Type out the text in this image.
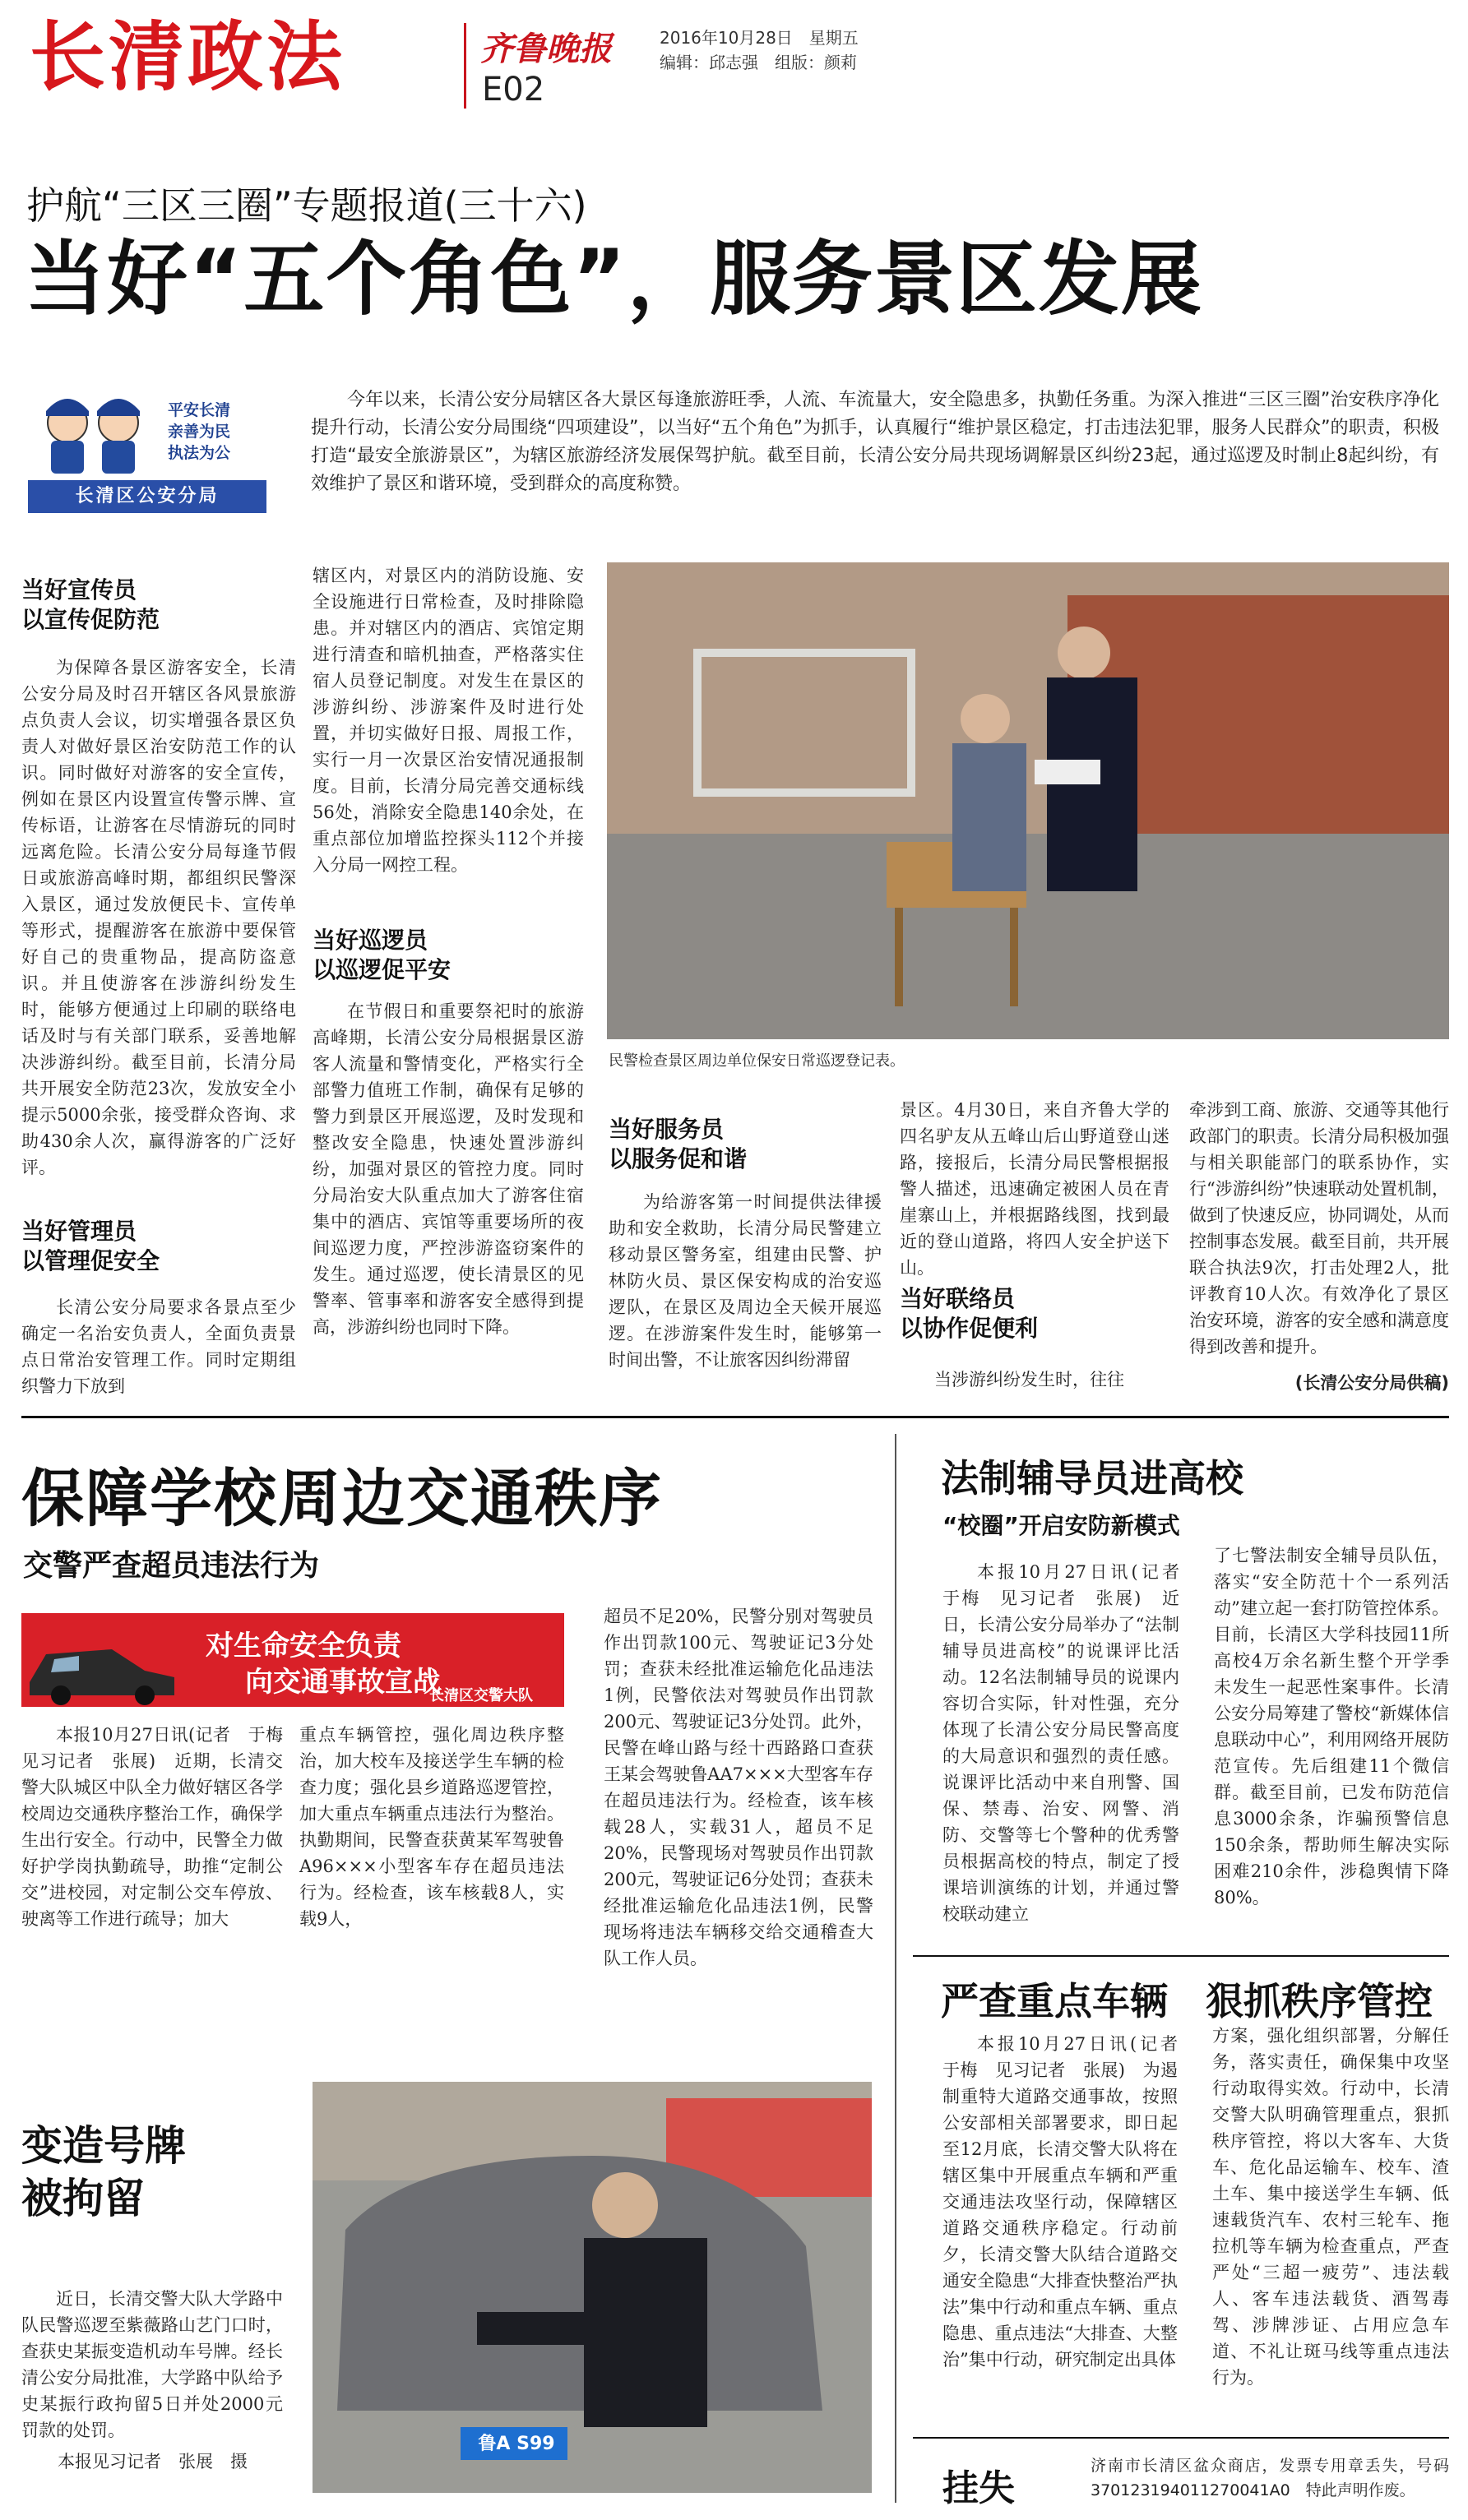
长清政法	齐鲁晚报	2016年10月28日　星期五
编辑：邱志强　组版：颜莉
E02
护航“三区三圈”专题报道(三十六)
当好“五个角色”，服务景区发展
平安长清
亲善为民
执法为公
长清区公安分局

今年以来，长清公安分局辖区各大景区每逢旅游旺季，人流、车流量大，安全隐患多，执勤任务重。为深入推进“三区三圈”治安秩序净化提升行动，长清公安分局围绕“四项建设”，以当好“五个角色”为抓手，认真履行“维护景区稳定，打击违法犯罪，服务人民群众”的职责，积极打造“最安全旅游景区”，为辖区旅游经济发展保驾护航。截至目前，长清公安分局共现场调解景区纠纷23起，通过巡逻及时制止8起纠纷，有效维护了景区和谐环境，受到群众的高度称赞。

当好宣传员
以宣传促防范

为保障各景区游客安全，长清公安分局及时召开辖区各风景旅游点负责人会议，切实增强各景区负责人对做好景区治安防范工作的认识。同时做好对游客的安全宣传，例如在景区内设置宣传警示牌、宣传标语，让游客在尽情游玩的同时远离危险。长清公安分局每逢节假日或旅游高峰时期，都组织民警深入景区，通过发放便民卡、宣传单等形式，提醒游客在旅游中要保管好自己的贵重物品，提高防盗意识。并且使游客在涉游纠纷发生时，能够方便通过上印刷的联络电话及时与有关部门联系，妥善地解决涉游纠纷。截至目前，长清分局共开展安全防范23次，发放安全小提示5000余张，接受群众咨询、求助430余人次，赢得游客的广泛好评。

当好管理员
以管理促安全

长清公安分局要求各景点至少确定一名治安负责人，全面负责景点日常治安管理工作。同时定期组织警力下放到

辖区内，对景区内的消防设施、安全设施进行日常检查，及时排除隐患。并对辖区内的酒店、宾馆定期进行清查和暗机抽查，严格落实住宿人员登记制度。对发生在景区的涉游纠纷、涉游案件及时进行处置，并切实做好日报、周报工作，实行一月一次景区治安情况通报制度。目前，长清分局完善交通标线56处，消除安全隐患140余处，在重点部位加增监控探头112个并接入分局一网控工程。

当好巡逻员
以巡逻促平安

在节假日和重要祭祀时的旅游高峰期，长清公安分局根据景区游客人流量和警情变化，严格实行全部警力值班工作制，确保有足够的警力到景区开展巡逻，及时发现和整改安全隐患，快速处置涉游纠纷，加强对景区的管控力度。同时分局治安大队重点加大了游客住宿集中的酒店、宾馆等重要场所的夜间巡逻力度，严控涉游盗窃案件的发生。通过巡逻，使长清景区的见警率、管事率和游客安全感得到提高，涉游纠纷也同时下降。

民警检查景区周边单位保安日常巡逻登记表。
当好服务员
以服务促和谐

为给游客第一时间提供法律援助和安全救助，长清分局民警建立移动景区警务室，组建由民警、护林防火员、景区保安构成的治安巡逻队，在景区及周边全天候开展巡逻。在涉游案件发生时，能够第一时间出警，不让旅客因纠纷滞留

景区。4月30日，来自齐鲁大学的四名驴友从五峰山后山野道登山迷路，接报后，长清分局民警根据报警人描述，迅速确定被困人员在青崖寨山上，并根据路线图，找到最近的登山道路，将四人安全护送下山。

当好联络员
以协作促便利

当涉游纠纷发生时，往往

牵涉到工商、旅游、交通等其他行政部门的职责。长清分局积极加强与相关职能部门的联系协作，实行“涉游纠纷”快速联动处置机制，做到了快速反应，协同调处，从而控制事态发展。截至目前，共开展联合执法9次，打击处理2人，批评教育10人次。有效净化了景区治安环境，游客的安全感和满意度得到改善和提升。

(长清公安分局供稿)
保障学校周边交通秩序
交警严查超员违法行为
对生命安全负责
向交通事故宣战
长清区交警大队

本报10月27日讯(记者　于梅　见习记者　张展)　近期，长清交警大队城区中队全力做好辖区各学校周边交通秩序整治工作，确保学生出行安全。行动中，民警全力做好护学岗执勤疏导，助推“定制公交”进校园，对定制公交车停放、驶离等工作进行疏导；加大

重点车辆管控，强化周边秩序整治，加大校车及接送学生车辆的检查力度；强化县乡道路巡逻管控，加大重点车辆重点违法行为整治。执勤期间，民警查获黄某军驾驶鲁A96×××小型客车存在超员违法行为。经检查，该车核载8人，实载9人，

超员不足20%，民警分别对驾驶员作出罚款100元、驾驶证记3分处罚；查获未经批准运输危化品违法1例，民警依法对驾驶员作出罚款200元、驾驶证记3分处罚。此外，民警在峰山路与经十西路路口查获王某会驾驶鲁AA7×××大型客车存在超员违法行为。经检查，该车核载28人，实载31人，超员不足20%，民警现场对驾驶员作出罚款200元，驾驶证记6分处罚；查获未经批准运输危化品违法1例，民警现场将违法车辆移交给交通稽查大队工作人员。

变造号牌
被拘留

近日，长清交警大队大学路中队民警巡逻至紫薇路山艺门口时，查获史某振变造机动车号牌。经长清公安分局批准，大学路中队给予史某振行政拘留5日并处2000元罚款的处罚。

本报见习记者　张展　摄
鲁A S99
法制辅导员进高校
“校圈”开启安防新模式

本报10月27日讯(记者　于梅　见习记者　张展)　近日，长清公安分局举办了“法制辅导员进高校”的说课评比活动。12名法制辅导员的说课内容切合实际，针对性强，充分体现了长清公安分局民警高度的大局意识和强烈的责任感。说课评比活动中来自刑警、国保、禁毒、治安、网警、消防、交警等七个警种的优秀警员根据高校的特点，制定了授课培训演练的计划，并通过警校联动建立

了七警法制安全辅导员队伍，落实“安全防范十个一系列活动”建立起一套打防管控体系。目前，长清区大学科技园11所高校4万余名新生整个开学季未发生一起恶性案事件。长清公安分局筹建了警校“新媒体信息联动中心”，利用网络开展防范宣传。先后组建11个微信群。截至目前，已发布防范信息3000余条，诈骗预警信息150余条，帮助师生解决实际困难210余件，涉稳舆情下降80%。

严查重点车辆　狠抓秩序管控

本报10月27日讯(记者　于梅　见习记者　张展)　为遏制重特大道路交通事故，按照公安部相关部署要求，即日起至12月底，长清交警大队将在辖区集中开展重点车辆和严重交通违法攻坚行动，保障辖区道路交通秩序稳定。行动前夕，长清交警大队结合道路交通安全隐患“大排查快整治严执法”集中行动和重点车辆、重点隐患、重点违法“大排查、大整治”集中行动，研究制定出具体

方案，强化组织部署，分解任务，落实责任，确保集中攻坚行动取得实效。行动中，长清交警大队明确管理重点，狠抓秩序管控，将以大客车、大货车、危化品运输车、校车、渣土车、集中接送学生车辆、低速载货汽车、农村三轮车、拖拉机等车辆为检查重点，严查严处“三超一疲劳”、违法载人、客车违法载货、酒驾毒驾、涉牌涉证、占用应急车道、不礼让斑马线等重点违法行为。

挂失

济南市长清区盆众商店，发票专用章丢失，号码370123194011270041A0　特此声明作废。
